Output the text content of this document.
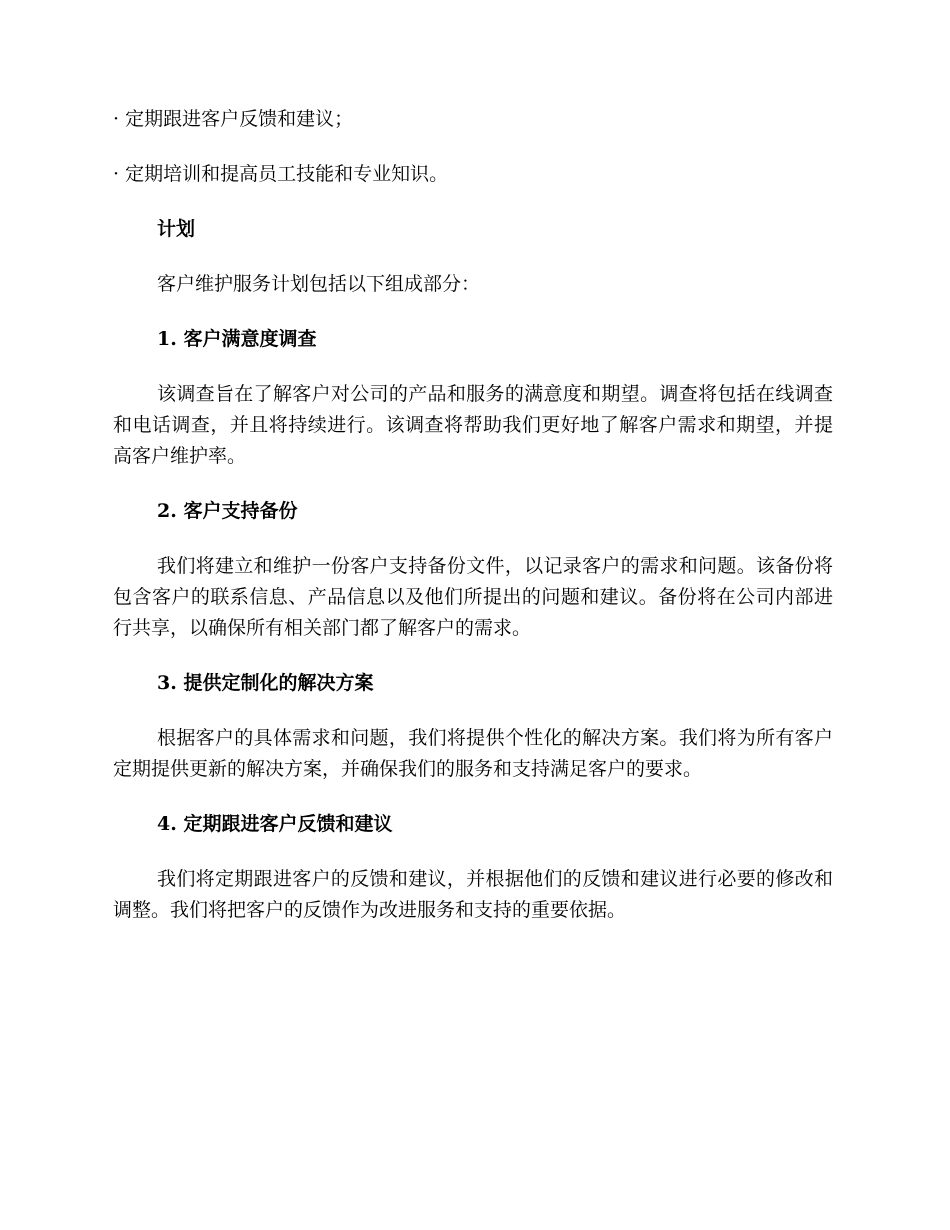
· 定期跟进客户反馈和建议；

· 定期培训和提高员工技能和专业知识。

计划

客户维护服务计划包括以下组成部分：

1. 客户满意度调查

该调查旨在了解客户对公司的产品和服务的满意度和期望。调查将包括在线调查和电话调查，并且将持续进行。该调查将帮助我们更好地了解客户需求和期望，并提高客户维护率。

2. 客户支持备份

我们将建立和维护一份客户支持备份文件，以记录客户的需求和问题。该备份将包含客户的联系信息、产品信息以及他们所提出的问题和建议。备份将在公司内部进行共享，以确保所有相关部门都了解客户的需求。

3. 提供定制化的解决方案

根据客户的具体需求和问题，我们将提供个性化的解决方案。我们将为所有客户定期提供更新的解决方案，并确保我们的服务和支持满足客户的要求。

4. 定期跟进客户反馈和建议

我们将定期跟进客户的反馈和建议，并根据他们的反馈和建议进行必要的修改和调整。我们将把客户的反馈作为改进服务和支持的重要依据。
